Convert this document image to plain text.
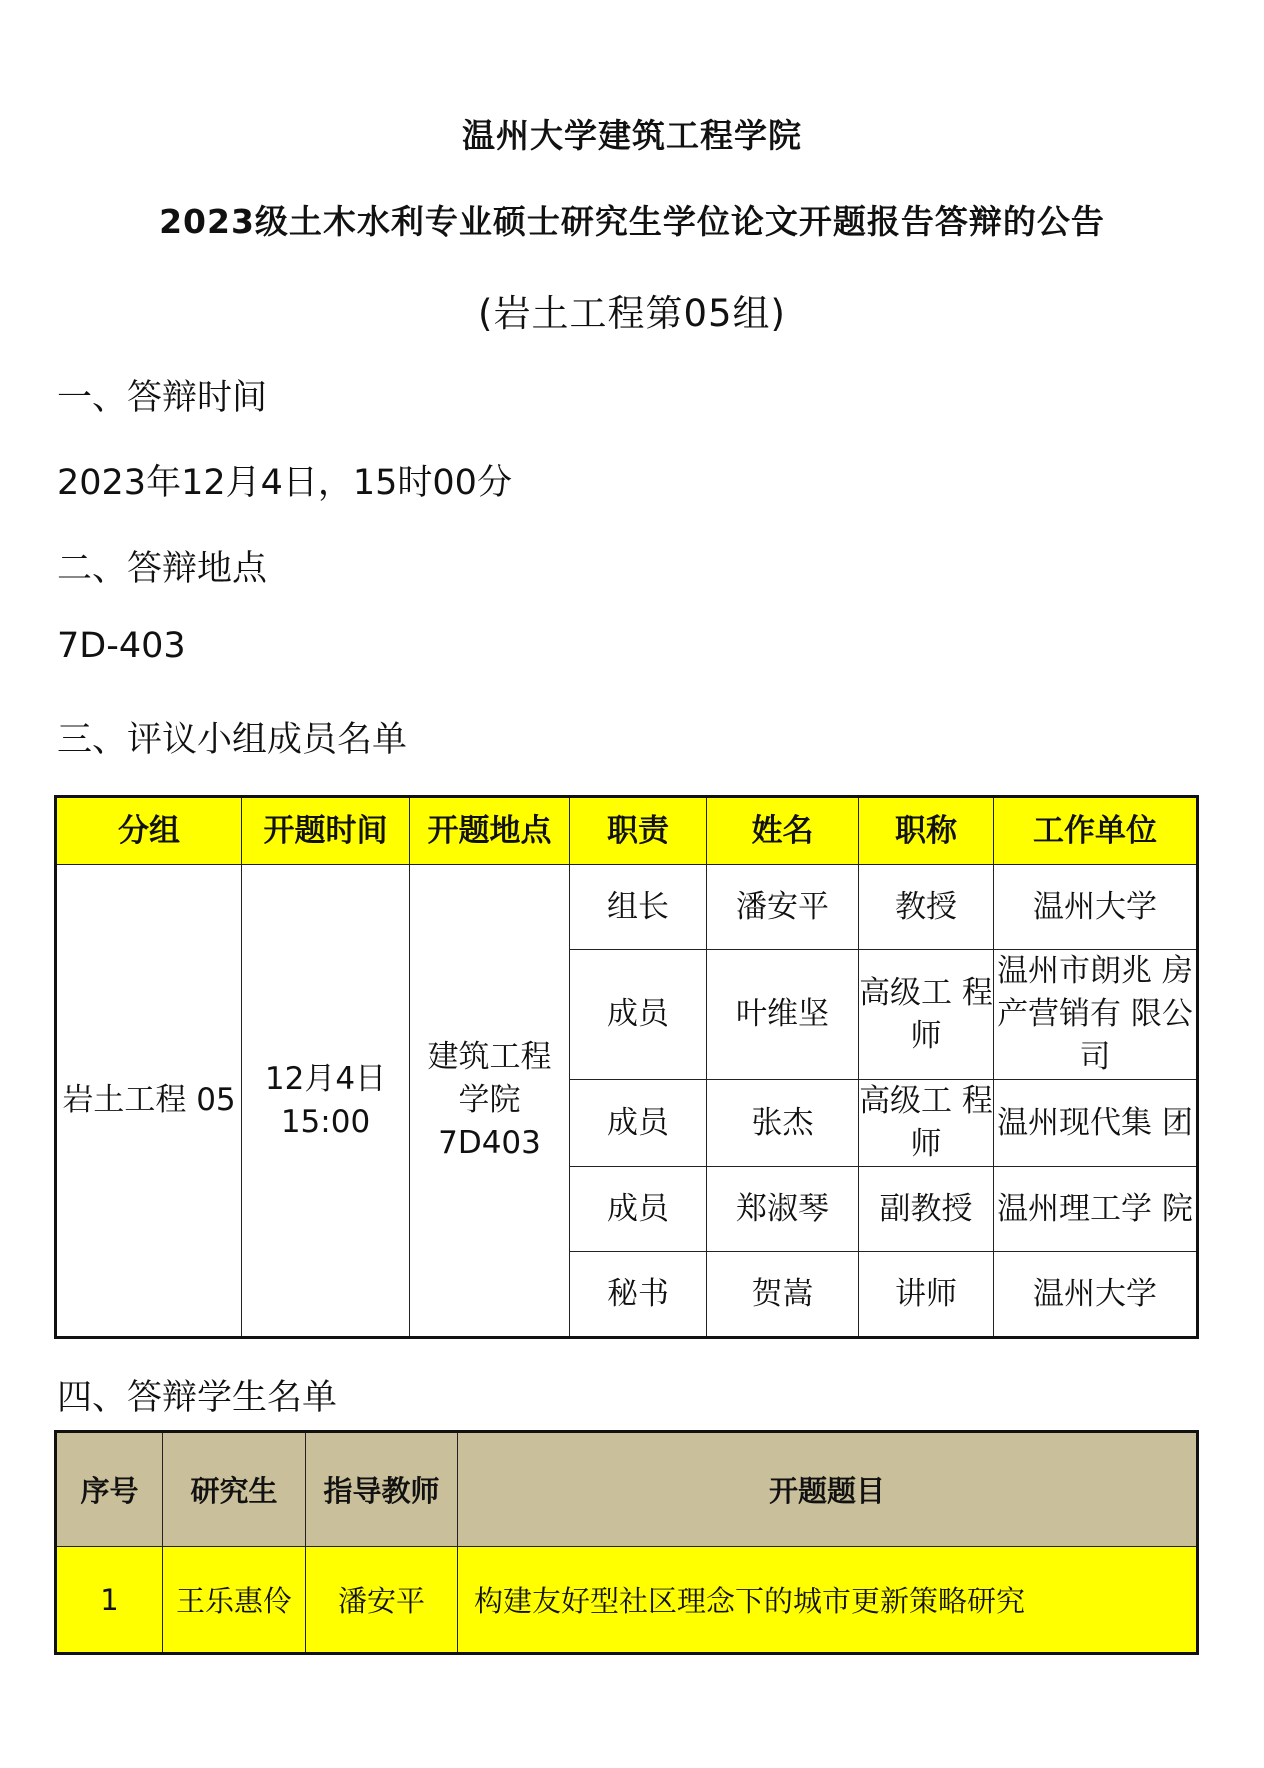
温州大学建筑工程学院
2023级土木水利专业硕士研究生学位论文开题报告答辩的公告
(岩土工程第05组)
一、答辩时间
2023年12月4日，15时00分
二、答辩地点
7D-403
三、评议小组成员名单
分组	开题时间	开题地点	职责	姓名	职称	工作单位
岩土工程 05	12月4日 15:00	建筑工程 学院 7D403	组长	潘安平	教授	温州大学
			成员	叶维坚	高级工 程师	温州市朗兆 房产营销有 限公司
			成员	张杰	高级工 程师	温州现代集 团
			成员	郑淑琴	副教授	温州理工学 院
			秘书	贺嵩	讲师	温州大学
四、答辩学生名单
序号	研究生	指导教师	开题题目
1	王乐惠伶	潘安平	构建友好型社区理念下的城市更新策略研究
